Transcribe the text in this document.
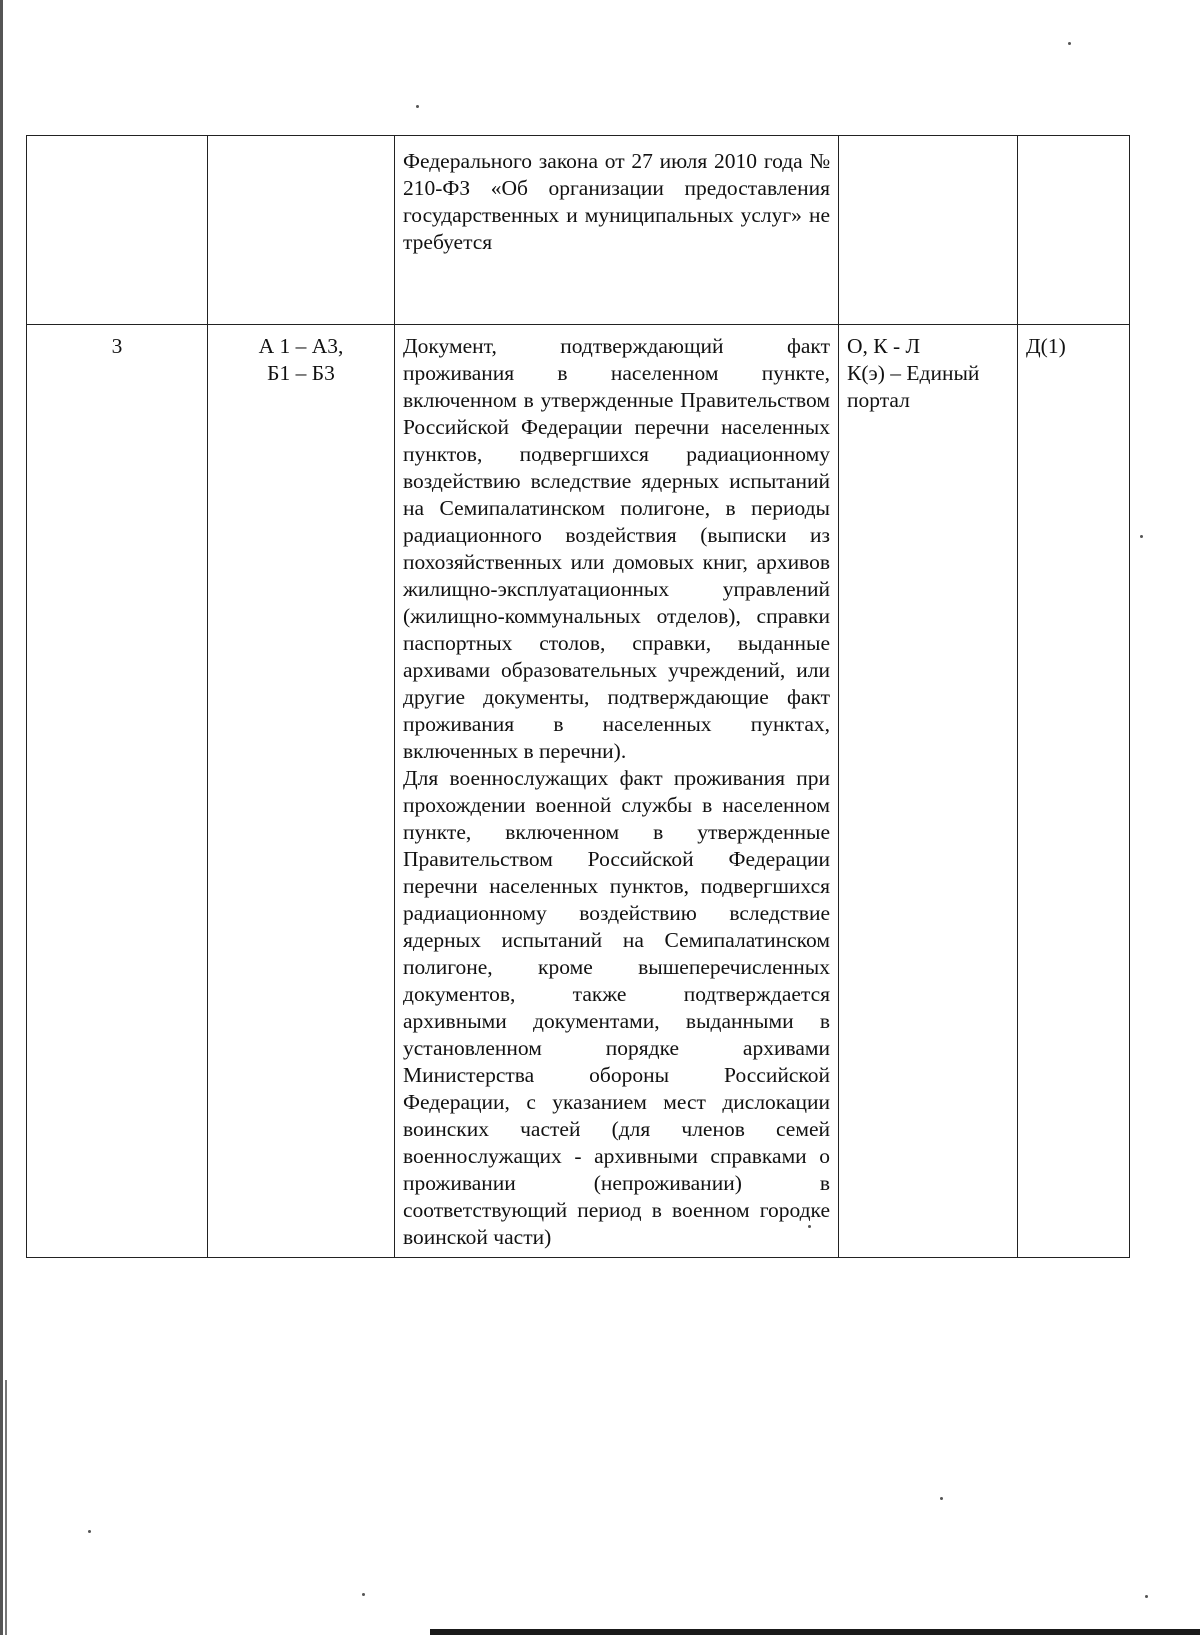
		Федерального закона от 27 июля 2010 года № 210-ФЗ «Об организации предоставления государственных и муниципальных услуг» не требуется		
3	А 1 – А3,
Б1 – Б3	Документ, подтверждающий факт проживания в населенном пункте, включенном в утвержденные Правительством Российской Федерации перечни населенных пунктов, подвергшихся радиационному воздействию вследствие ядерных испытаний на Семипалатинском полигоне, в периоды радиационного воздействия (выписки из похозяйственных или домовых книг, архивов жилищно-эксплуатационных управлений (жилищно-коммунальных отделов), справки паспортных столов, справки, выданные архивами образовательных учреждений, или другие документы, подтверждающие факт проживания в населенных пунктах, включенных в перечни).
Для военнослужащих факт проживания при прохождении военной службы в населенном пункте, включенном в утвержденные Правительством Российской Федерации перечни населенных пунктов, подвергшихся радиационному воздействию вследствие ядерных испытаний на Семипалатинском полигоне, кроме вышеперечисленных документов, также подтверждается архивными документами, выданными в установленном порядке архивами Министерства обороны Российской Федерации, с указанием мест дислокации воинских частей (для членов семей военнослужащих - архивными справками о проживании (непроживании) в соответствующий период в военном городке воинской части)	О, К - Л
К(э) – Единый портал	Д(1)
